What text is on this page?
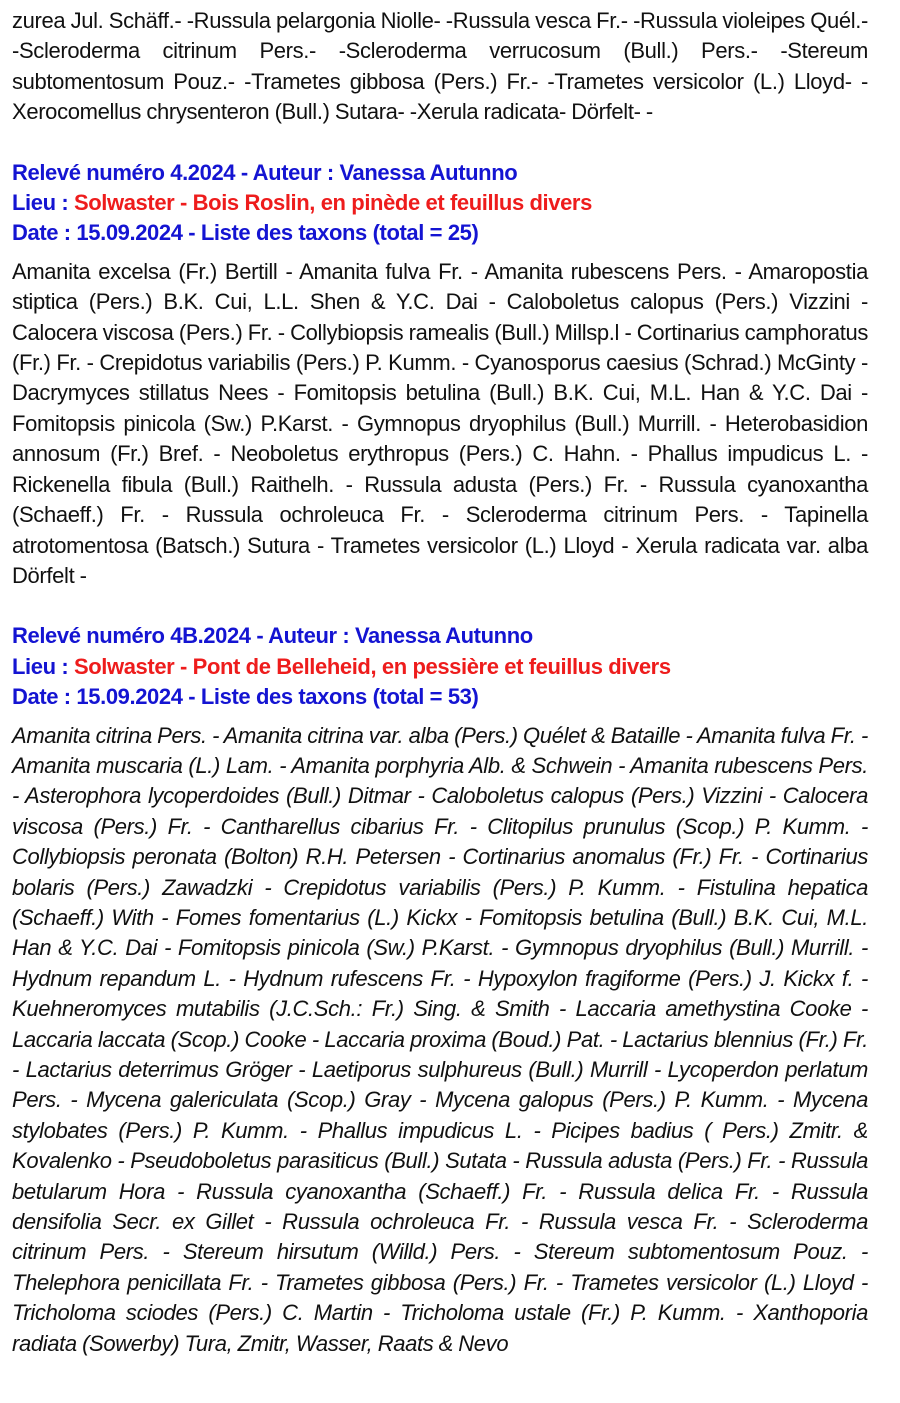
zurea Jul. Schäff.- -Russula pelargonia Niolle- -Russula vesca Fr.- -Russula violeipes Quél.- -Scleroderma citrinum Pers.- -Scleroderma verrucosum (Bull.) Pers.- -Stereum subtomentosum Pouz.- -Trametes gibbosa (Pers.) Fr.- -Trametes versicolor (L.) Lloyd- -Xerocomellus chrysenteron (Bull.) Sutara- -Xerula radicata- Dörfelt- -

Relevé numéro 4.2024 - Auteur : Vanessa Autunno

Lieu : Solwaster - Bois Roslin, en pinède et feuillus divers

Date : 15.09.2024 - Liste des taxons (total = 25)

Amanita excelsa (Fr.) Bertill - Amanita fulva Fr. - Amanita rubescens Pers. - Amaropostia stiptica (Pers.) B.K. Cui, L.L. Shen & Y.C. Dai - Caloboletus calopus (Pers.) Vizzini - Calocera viscosa (Pers.) Fr. - Collybiopsis ramealis (Bull.) Millsp.l - Cortinarius camphoratus (Fr.) Fr. - Crepidotus variabilis (Pers.) P. Kumm. - Cyanosporus caesius (Schrad.) McGinty - Dacrymyces stillatus Nees - Fomitopsis betulina (Bull.) B.K. Cui, M.L. Han & Y.C. Dai - Fomitopsis pinicola (Sw.) P.Karst. - Gymnopus dryophilus (Bull.) Murrill. - Heterobasidion annosum (Fr.) Bref. - Neoboletus erythropus (Pers.) C. Hahn. - Phallus impudicus L. - Rickenella fibula (Bull.) Raithelh. - Russula adusta (Pers.) Fr. - Russula cyanoxantha (Schaeff.) Fr. - Russula ochroleuca Fr. - Scleroderma citrinum Pers. - Tapinella atrotomentosa (Batsch.) Sutura - Trametes versicolor (L.) Lloyd - Xerula radicata var. alba Dörfelt -

Relevé numéro 4B.2024 - Auteur : Vanessa Autunno

Lieu : Solwaster - Pont de Belleheid, en pessière et feuillus divers

Date : 15.09.2024 - Liste des taxons (total = 53)

Amanita citrina Pers. - Amanita citrina var. alba (Pers.) Quélet & Bataille - Amanita fulva Fr. - Amanita muscaria (L.) Lam. - Amanita porphyria Alb. & Schwein - Amanita rubescens Pers. - Asterophora lycoperdoides (Bull.) Ditmar - Caloboletus calopus (Pers.) Vizzini - Calocera viscosa (Pers.) Fr. - Cantharellus cibarius Fr. - Clitopilus prunulus (Scop.) P. Kumm. - Collybiopsis peronata (Bolton) R.H. Petersen - Cortinarius anomalus (Fr.) Fr. - Cortinarius bolaris (Pers.) Zawadzki - Crepidotus variabilis (Pers.) P. Kumm. - Fistulina hepatica (Schaeff.) With - Fomes fomentarius (L.) Kickx - Fomitopsis betulina (Bull.) B.K. Cui, M.L. Han & Y.C. Dai - Fomitopsis pinicola (Sw.) P.Karst. - Gymnopus dryophilus (Bull.) Murrill. - Hydnum repandum L. - Hydnum rufescens Fr. - Hypoxylon fragiforme (Pers.) J. Kickx f. - Kuehneromyces mutabilis (J.C.Sch.: Fr.) Sing. & Smith - Laccaria amethystina Cooke - Laccaria laccata (Scop.) Cooke - Laccaria proxima (Boud.) Pat. - Lactarius blennius (Fr.) Fr. - Lactarius deterrimus Gröger - Laetiporus sulphureus (Bull.) Murrill - Lycoperdon perlatum Pers. - Mycena galericulata (Scop.) Gray - Mycena galopus (Pers.) P. Kumm. - Mycena stylobates (Pers.) P. Kumm. - Phallus impudicus L. - Picipes badius ( Pers.) Zmitr. & Kovalenko - Pseudoboletus parasiticus (Bull.) Sutata - Russula adusta (Pers.) Fr. - Russula betularum Hora - Russula cyanoxantha (Schaeff.) Fr. - Russula delica Fr. - Russula densifolia Secr. ex Gillet - Russula ochroleuca Fr. - Russula vesca Fr. - Scleroderma citrinum Pers. - Stereum hirsutum (Willd.) Pers. - Stereum subtomentosum Pouz. - Thelephora penicillata Fr. - Trametes gibbosa (Pers.) Fr. - Trametes versicolor (L.) Lloyd - Tricholoma sciodes (Pers.) C. Martin - Tricholoma ustale (Fr.) P. Kumm. - Xanthoporia radiata (Sowerby) Tura, Zmitr, Wasser, Raats & Nevo
